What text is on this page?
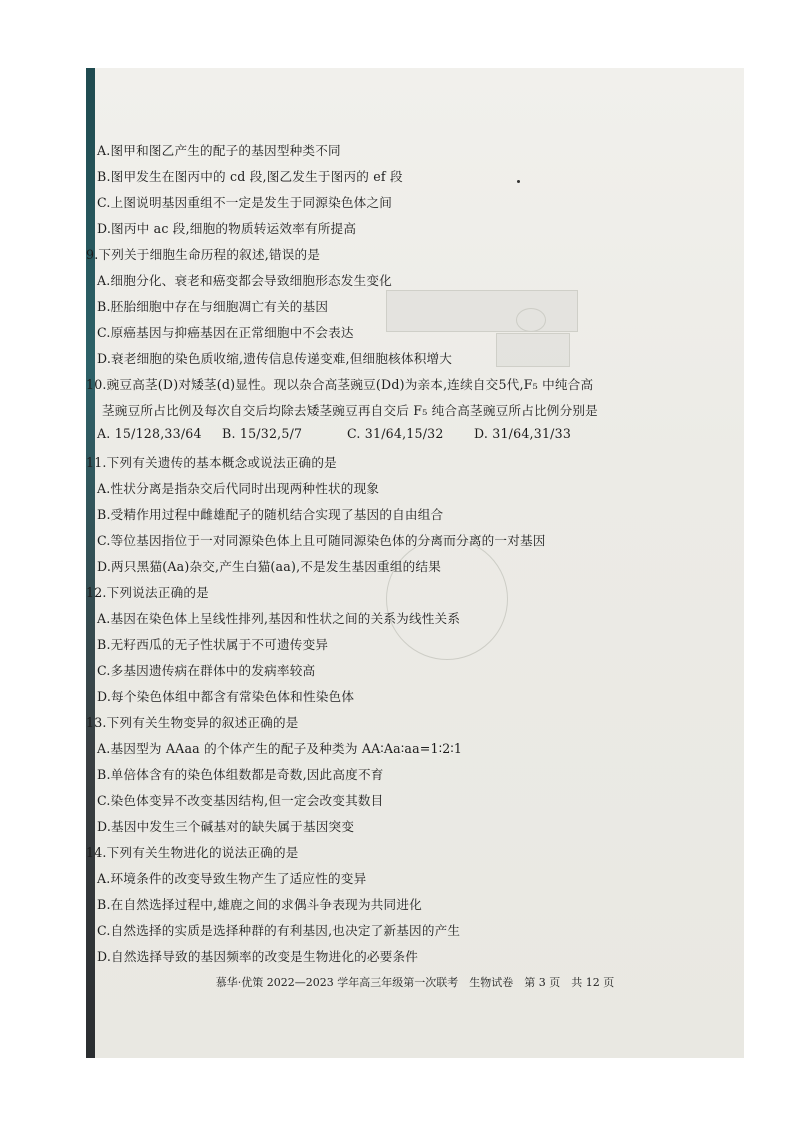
A.图甲和图乙产生的配子的基因型种类不同
B.图甲发生在图丙中的 cd 段,图乙发生于图丙的 ef 段
C.上图说明基因重组不一定是发生于同源染色体之间
D.图丙中 ac 段,细胞的物质转运效率有所提高
9.下列关于细胞生命历程的叙述,错误的是
A.细胞分化、衰老和癌变都会导致细胞形态发生变化
B.胚胎细胞中存在与细胞凋亡有关的基因
C.原癌基因与抑癌基因在正常细胞中不会表达
D.衰老细胞的染色质收缩,遗传信息传递变难,但细胞核体积增大
10.豌豆高茎(D)对矮茎(d)显性。现以杂合高茎豌豆(Dd)为亲本,连续自交5代,F₅ 中纯合高
茎豌豆所占比例及每次自交后均除去矮茎豌豆再自交后 F₅ 纯合高茎豌豆所占比例分别是
A. 15/128,33/64 B. 15/32,5/7	C. 31/64,15/32 D. 31/64,31/33
11.下列有关遗传的基本概念或说法正确的是
A.性状分离是指杂交后代同时出现两种性状的现象
B.受精作用过程中雌雄配子的随机结合实现了基因的自由组合
C.等位基因指位于一对同源染色体上且可随同源染色体的分离而分离的一对基因
D.两只黑猫(Aa)杂交,产生白猫(aa),不是发生基因重组的结果
12.下列说法正确的是
A.基因在染色体上呈线性排列,基因和性状之间的关系为线性关系
B.无籽西瓜的无子性状属于不可遗传变异
C.多基因遗传病在群体中的发病率较高
D.每个染色体组中都含有常染色体和性染色体
13.下列有关生物变异的叙述正确的是
A.基因型为 AAaa 的个体产生的配子及种类为 AA∶Aa∶aa=1∶2∶1
B.单倍体含有的染色体组数都是奇数,因此高度不育
C.染色体变异不改变基因结构,但一定会改变其数目
D.基因中发生三个碱基对的缺失属于基因突变
14.下列有关生物进化的说法正确的是
A.环境条件的改变导致生物产生了适应性的变异
B.在自然选择过程中,雄鹿之间的求偶斗争表现为共同进化
C.自然选择的实质是选择种群的有利基因,也决定了新基因的产生
D.自然选择导致的基因频率的改变是生物进化的必要条件
慕华·优策 2022—2023 学年高三年级第一次联考　生物试卷　第 3 页　共 12 页
